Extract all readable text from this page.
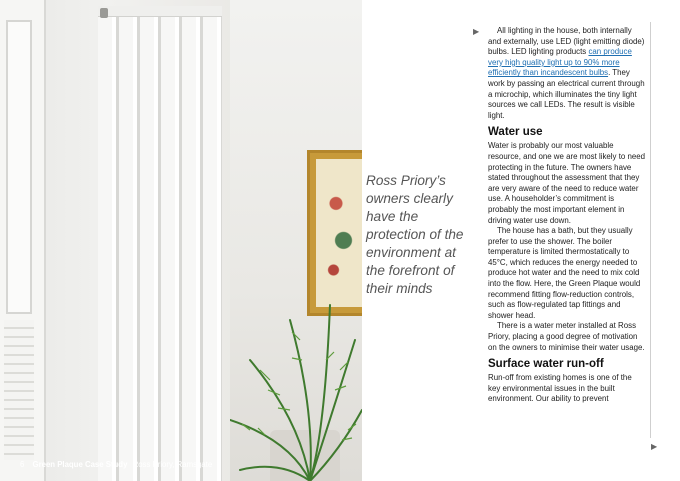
Ross Priory’s owners clearly have the protection of the environment at the forefront of their minds

▶	All lighting in the house, both internally and externally, use LED (light emitting diode) bulbs. LED lighting products can produce very high quality light up to 90% more efficiently than incandescent bulbs. They work by passing an electrical current through a microchip, which illuminates the tiny light sources we call LEDs. The result is visible light.

Water use

Water is probably our most valuable resource, and one we are most likely to need protecting in the future. The owners have stated throughout the assessment that they are very aware of the need to reduce water use. A householder’s commitment is probably the most important element in driving water use down.

The house has a bath, but they usually prefer to use the shower. The boiler temperature is limited thermostatically to 45°C, which reduces the energy needed to produce hot water and the need to mix cold into the flow. Here, the Green Plaque would recommend fitting flow-reduction controls, such as flow-regulated tap fittings and shower head.

There is a water meter installed at Ross Priory, placing a good degree of motivation on the owners to minimise their water usage.

Surface water run-off

Run-off from existing homes is one of the key environmental issues in the built environment. Our ability to prevent

▶
6 Green Plaque Case Study Ross Priory, Ramsgate
